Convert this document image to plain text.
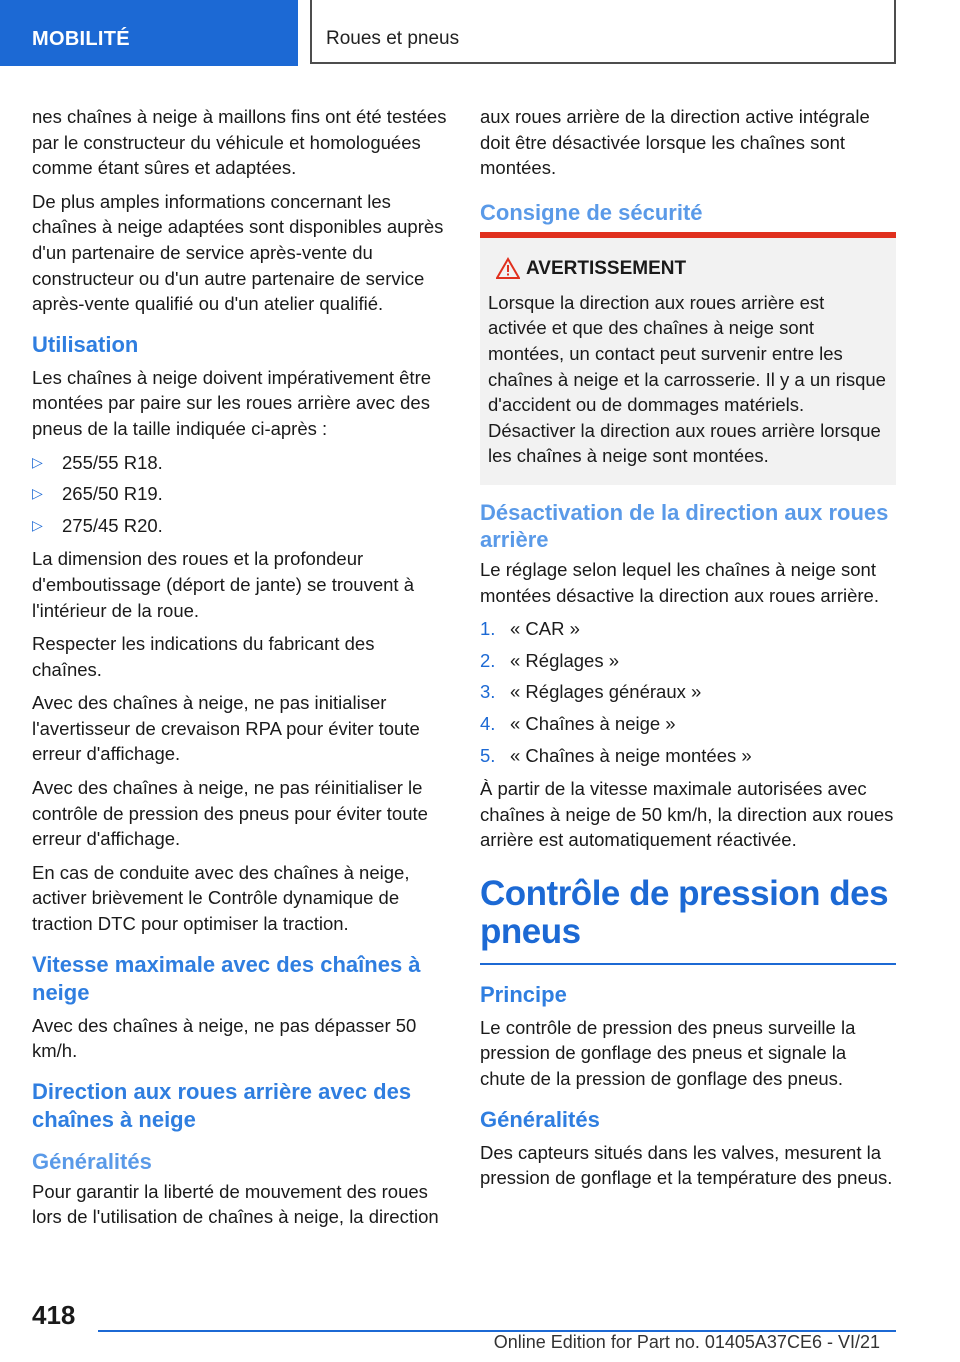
MOBILITÉ	Roues et pneus

nes chaînes à neige à maillons fins ont été testées par le constructeur du véhicule et homologuées comme étant sûres et adaptées.

De plus amples informations concernant les chaînes à neige adaptées sont disponibles auprès d'un partenaire de service après-vente du constructeur ou d'un autre partenaire de service après-vente qualifié ou d'un atelier qualifié.

Utilisation

Les chaînes à neige doivent impérativement être montées par paire sur les roues arrière avec des pneus de la taille indiquée ci-après :

▷ 255/55 R18.
▷ 265/50 R19.
▷ 275/45 R20.

La dimension des roues et la profondeur d'emboutissage (déport de jante) se trouvent à l'intérieur de la roue.

Respecter les indications du fabricant des chaînes.

Avec des chaînes à neige, ne pas initialiser l'avertisseur de crevaison RPA pour éviter toute erreur d'affichage.

Avec des chaînes à neige, ne pas réinitialiser le contrôle de pression des pneus pour éviter toute erreur d'affichage.

En cas de conduite avec des chaînes à neige, activer brièvement le Contrôle dynamique de traction DTC pour optimiser la traction.

Vitesse maximale avec des chaînes à neige

Avec des chaînes à neige, ne pas dépasser 50 km/h.

Direction aux roues arrière avec des chaînes à neige
Généralités

Pour garantir la liberté de mouvement des roues lors de l'utilisation de chaînes à neige, la direction

aux roues arrière de la direction active intégrale doit être désactivée lorsque les chaînes sont montées.

Consigne de sécurité
AVERTISSEMENT

Lorsque la direction aux roues arrière est activée et que des chaînes à neige sont montées, un contact peut survenir entre les chaînes à neige et la carrosserie. Il y a un risque d'accident ou de dommages matériels. Désactiver la direction aux roues arrière lorsque les chaînes à neige sont montées.

Désactivation de la direction aux roues arrière

Le réglage selon lequel les chaînes à neige sont montées désactive la direction aux roues arrière.

1. « CAR »
2. « Réglages »
3. « Réglages généraux »
4. « Chaînes à neige »
5. « Chaînes à neige montées »

À partir de la vitesse maximale autorisées avec chaînes à neige de 50 km/h, la direction aux roues arrière est automatiquement réactivée.

Contrôle de pression des pneus
Principe

Le contrôle de pression des pneus surveille la pression de gonflage des pneus et signale la chute de la pression de gonflage des pneus.

Généralités

Des capteurs situés dans les valves, mesurent la pression de gonflage et la température des pneus.

418
Online Edition for Part no. 01405A37CE6 - VI/21
